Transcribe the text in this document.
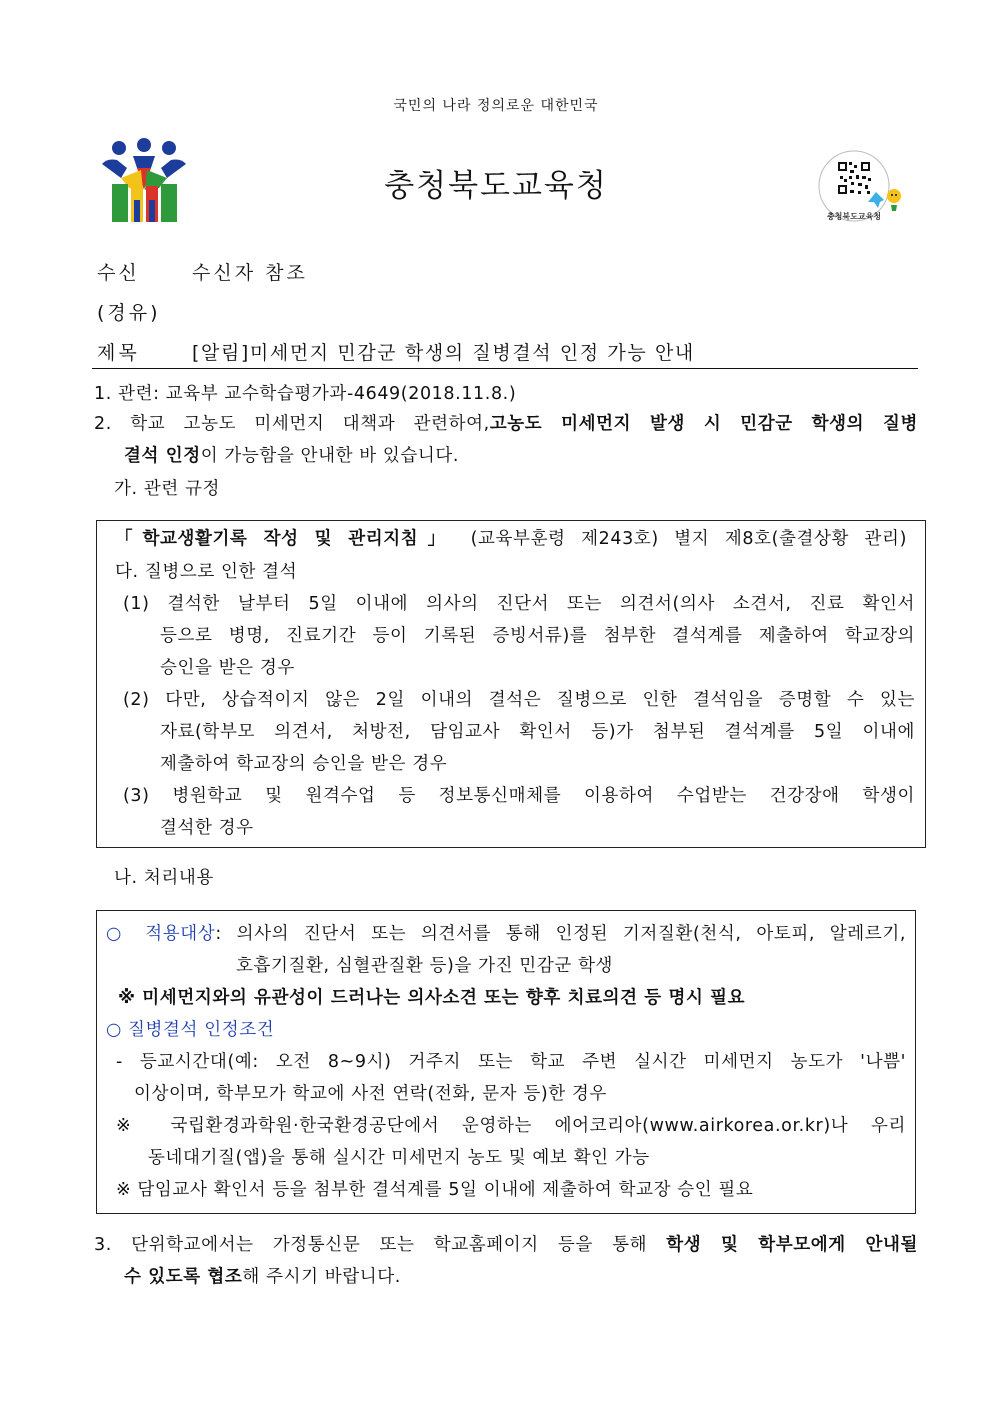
국민의 나라 정의로운 대한민국
충청북도교육청
충청북도교육청
수신	수신자 참조
(경유)
제목	[알림]미세먼지 민감군 학생의 질병결석 인정 가능 안내
1. 관련: 교육부 교수학습평가과-4649(2018.11.8.)
2. 학교 고농도 미세먼지 대책과 관련하여,고농도 미세먼지 발생 시 민감군 학생의 질병
결석 인정이 가능함을 안내한 바 있습니다.
가. 관련 규정
「학교생활기록 작성 및 관리지침」 (교육부훈령 제243호) 별지 제8호(출결상황 관리)
다. 질병으로 인한 결석
(1) 결석한 날부터 5일 이내에 의사의 진단서 또는 의견서(의사 소견서, 진료 확인서
등으로 병명, 진료기간 등이 기록된 증빙서류)를 첨부한 결석계를 제출하여 학교장의
승인을 받은 경우
(2) 다만, 상습적이지 않은 2일 이내의 결석은 질병으로 인한 결석임을 증명할 수 있는
자료(학부모 의견서, 처방전, 담임교사 확인서 등)가 첨부된 결석계를 5일 이내에
제출하여 학교장의 승인을 받은 경우
(3) 병원학교 및 원격수업 등 정보통신매체를 이용하여 수업받는 건강장애 학생이
결석한 경우
나. 처리내용
○ 적용대상: 의사의 진단서 또는 의견서를 통해 인정된 기저질환(천식, 아토피, 알레르기,
호흡기질환, 심혈관질환 등)을 가진 민감군 학생
※ 미세먼지와의 유관성이 드러나는 의사소견 또는 향후 치료의견 등 명시 필요
○ 질병결석 인정조건
- 등교시간대(예: 오전 8~9시) 거주지 또는 학교 주변 실시간 미세먼지 농도가 '나쁨'
이상이며, 학부모가 학교에 사전 연락(전화, 문자 등)한 경우
※ 국립환경과학원·한국환경공단에서 운영하는 에어코리아(www.airkorea.or.kr)나 우리
동네대기질(앱)을 통해 실시간 미세먼지 농도 및 예보 확인 가능
※ 담임교사 확인서 등을 첨부한 결석계를 5일 이내에 제출하여 학교장 승인 필요
3. 단위학교에서는 가정통신문 또는 학교홈페이지 등을 통해 학생 및 학부모에게 안내될
수 있도록 협조해 주시기 바랍니다.
